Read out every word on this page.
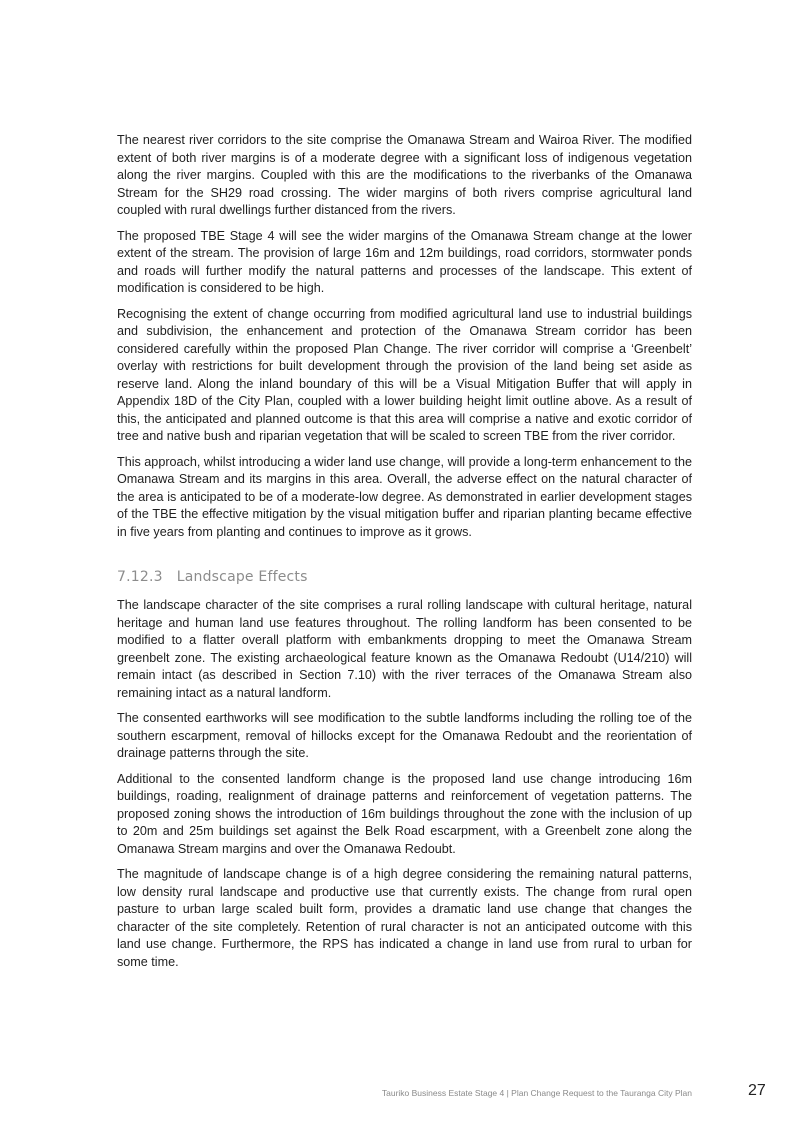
The nearest river corridors to the site comprise the Omanawa Stream and Wairoa River. The modified extent of both river margins is of a moderate degree with a significant loss of indigenous vegetation along the river margins. Coupled with this are the modifications to the riverbanks of the Omanawa Stream for the SH29 road crossing. The wider margins of both rivers comprise agricultural land coupled with rural dwellings further distanced from the rivers.

The proposed TBE Stage 4 will see the wider margins of the Omanawa Stream change at the lower extent of the stream. The provision of large 16m and 12m buildings, road corridors, stormwater ponds and roads will further modify the natural patterns and processes of the landscape. This extent of modification is considered to be high.

Recognising the extent of change occurring from modified agricultural land use to industrial buildings and subdivision, the enhancement and protection of the Omanawa Stream corridor has been considered carefully within the proposed Plan Change. The river corridor will comprise a ‘Greenbelt’ overlay with restrictions for built development through the provision of the land being set aside as reserve land. Along the inland boundary of this will be a Visual Mitigation Buffer that will apply in Appendix 18D of the City Plan, coupled with a lower building height limit outline above. As a result of this, the anticipated and planned outcome is that this area will comprise a native and exotic corridor of tree and native bush and riparian vegetation that will be scaled to screen TBE from the river corridor.

This approach, whilst introducing a wider land use change, will provide a long-term enhancement to the Omanawa Stream and its margins in this area. Overall, the adverse effect on the natural character of the area is anticipated to be of a moderate-low degree. As demonstrated in earlier development stages of the TBE the effective mitigation by the visual mitigation buffer and riparian planting became effective in five years from planting and continues to improve as it grows.

7.12.3 Landscape Effects

The landscape character of the site comprises a rural rolling landscape with cultural heritage, natural heritage and human land use features throughout. The rolling landform has been consented to be modified to a flatter overall platform with embankments dropping to meet the Omanawa Stream greenbelt zone. The existing archaeological feature known as the Omanawa Redoubt (U14/210) will remain intact (as described in Section 7.10) with the river terraces of the Omanawa Stream also remaining intact as a natural landform.

The consented earthworks will see modification to the subtle landforms including the rolling toe of the southern escarpment, removal of hillocks except for the Omanawa Redoubt and the reorientation of drainage patterns through the site.

Additional to the consented landform change is the proposed land use change introducing 16m buildings, roading, realignment of drainage patterns and reinforcement of vegetation patterns. The proposed zoning shows the introduction of 16m buildings throughout the zone with the inclusion of up to 20m and 25m buildings set against the Belk Road escarpment, with a Greenbelt zone along the Omanawa Stream margins and over the Omanawa Redoubt.

The magnitude of landscape change is of a high degree considering the remaining natural patterns, low density rural landscape and productive use that currently exists. The change from rural open pasture to urban large scaled built form, provides a dramatic land use change that changes the character of the site completely. Retention of rural character is not an anticipated outcome with this land use change. Furthermore, the RPS has indicated a change in land use from rural to urban for some time.

Tauriko Business Estate Stage 4 | Plan Change Request to the Tauranga City Plan	27
